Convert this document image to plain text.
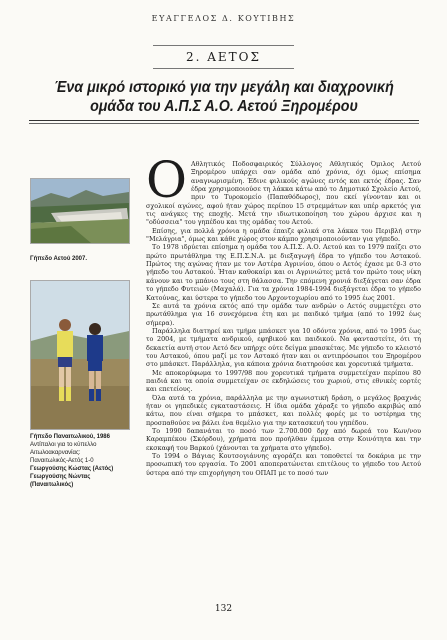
ΕΥΑΓΓΕΛΟΣ Δ. ΚΟΥΤΙΒΗΣ
2. ΑΕΤΟΣ
Ένα μικρό ιστορικό για την μεγάλη και διαχρονική ομάδα του Α.Π.Σ Α.Ο. Αετού Ξηρομέρου
Γήπεδο Αετού 2007.
Γήπεδο Παναιτωλικού, 1986
Αντίπαλοι για το κύπελλο Αιτωλοακαρνανίας:
Παναιτωλικός-Αετός 1-0
Γεωργούσης Κώστας (Αετός)
Γεωργούσης Νώντας (Παναιτωλικός)

Ο Αθλητικός Ποδοσφαιρικός Σύλλογος Αθλητικός Όμιλος Αετού Ξηρομέρου υπάρχει σαν ομάδα από χρόνια, όχι όμως επίσημα αναγνωρισμένη. Έδινε φιλικούς αγώνες εντός και εκτός έδρας. Σαν έδρα χρησιμοποιούσε τη λάκκα κάτω από το Δημοτικό Σχολείο Αετού, πριν το Τυροκομείο (Παπαθόδωρος), που εκεί γίνονταν και οι σχολικοί αγώνες, αφού ήταν χώρος περίπου 15 στρεμμάτων και υπέρ αρκετός για τις ανάγκες της εποχής. Μετά την ιδιωτικοποίηση του χώρου άρχισε και η "οδύσσεια" του γηπέδου και της ομάδας του Αετού.

Επίσης, για πολλά χρόνια η ομάδα έπαιζε φιλικά στα λάκκα του Περιβλή στην "Μελάγρια", όμως και κάθε χώρος στον κάμπο χρησιμοποιούνταν για γήπεδο.

Το 1978 ιδρύεται επίσημα η ομάδα του Α.Π.Σ. Α.Ο. Αετού και το 1979 παίζει στο πρώτο πρωτάθλημα της Ε.Π.Σ.Ν.Α. με διεξαγωγή έδρα το γήπεδο του Αστακού. Πρώτος της αγώνας ήταν με τον Αστέρα Αγρινίου, όπου ο Αετός έχασε με 0-3 στο γήπεδο του Αστακού. Ήταν καθοκαίρι και οι Αγρινιώτες μετά τον πρώτο τους νίκη κάνουν και το μπάνιο τους στη θάλασσα. Την επόμενη χρονιά διεξάγεται σαν έδρα το γήπεδο Φυτειών (Μαχαλά). Για τα χρόνια 1984-1994 διεξάγεται έδρα το γήπεδο Κατούνας, και ύστερα το γήπεδο του Αρχοντοχωρίου από το 1995 έως 2001.

Σε αυτά τα χρόνια εκτός από την ομάδα των ανδρών ο Αετός συμμετέχει στο πρωτάθλημα για 16 συνεχόμενα έτη και με παιδικό τμήμα (από το 1992 έως σήμερα).

Παράλληλα διατηρεί και τμήμα μπάσκετ για 10 οδόντα χρόνια, από το 1995 έως το 2004, με τμήματα ανδρικού, εφηβικού και παιδικού. Να φανταστείτε, ότι τη δεκαετία αυτή στον Αετό δεν υπήρχε ούτε δείγμα μπασκέτας. Με γήπεδο το κλειστό του Αστακού, όπου μαζί με τον Αστακό ήταν και οι αντιπρόσωποι του Ξηρομέρου στο μπάσκετ. Παράλληλα, για κάποια χρόνια διατηρούσε και χορευτικά τμήματα.

Με αποκορύφωμα το 1997/98 που χορευτικά τμήματα συμμετείχαν περίπου 80 παιδιά και τα οποία συμμετείχαν σε εκδηλώσεις του χωριού, στις εθνικές εορτές και επετείους.

Όλα αυτά τα χρόνια, παράλληλα με την αγωνιστική δράση, ο μεγάλος βραχνάς ήταν οι γηπεδικές εγκαταστάσεις. Η ίδια ομάδα χάραξε το γήπεδο ακριβώς από κάτω, που είναι σήμερα το μπάσκετ, και πολλές φορές με το υστέρημα της προσπαθούσε να βάλει ένα θεμέλιο για την κατασκευή του γηπέδου.

Το 1990 δαπανάται το ποσό των 2.700.000 δρχ από δωρεά του Κων/νου Καραμπέκου (Σκόρδου), χρήματα που προήλθαν έμμεσα στην Κοινότητα και την εκσκαφή του Βαρκού (χάνονται τα χρήματα στο γήπεδο).

Το 1994 ο Βάγιας Κουτσογιάννης αγοράζει και τοποθετεί τα δοκάρια με την προσωπική του εργασία. Το 2001 αποπερατώνεται επιτέλους το γήπεδο του Αετού ύστερα από την επιχορήγηση του ΟΠΑΠ με το ποσό των

132
